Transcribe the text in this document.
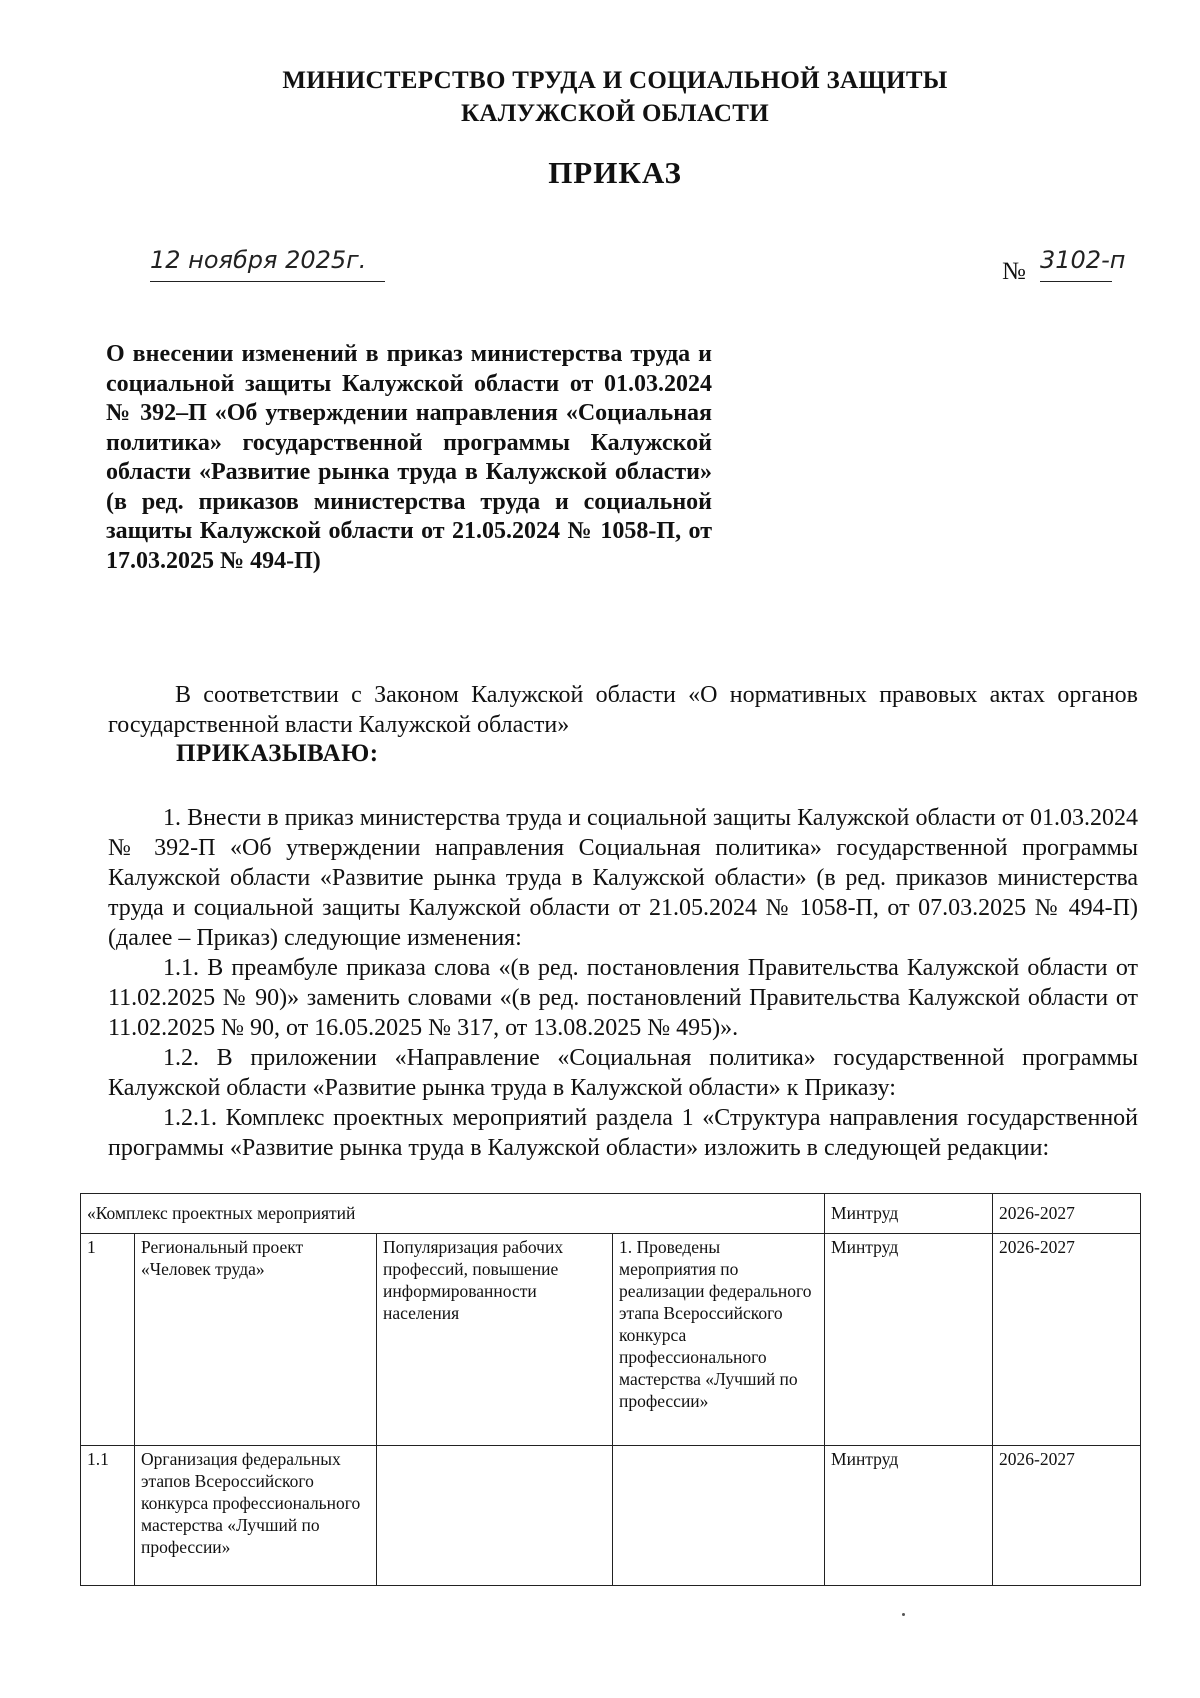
МИНИСТЕРСТВО ТРУДА И СОЦИАЛЬНОЙ ЗАЩИТЫ
КАЛУЖСКОЙ ОБЛАСТИ
ПРИКАЗ
12 ноября 2025г.	№ 3102-п
О внесении изменений в приказ министерства труда и социальной защиты Калужской области от 01.03.2024 № 392–П «Об утверждении направления «Социальная политика» государственной программы Калужской области «Развитие рынка труда в Калужской области» (в ред. приказов министерства труда и социальной защиты Калужской области от 21.05.2024 № 1058-П, от 17.03.2025 № 494-П)
В соответствии с Законом Калужской области «О нормативных правовых актах органов государственной власти Калужской области»
ПРИКАЗЫВАЮ:
1. Внести в приказ министерства труда и социальной защиты Калужской области от 01.03.2024 № 392-П «Об утверждении направления Социальная политика» государственной программы Калужской области «Развитие рынка труда в Калужской области» (в ред. приказов министерства труда и социальной защиты Калужской области от 21.05.2024 № 1058-П, от 07.03.2025 № 494-П) (далее – Приказ) следующие изменения:
1.1. В преамбуле приказа слова «(в ред. постановления Правительства Калужской области от 11.02.2025 № 90)» заменить словами «(в ред. постановлений Правительства Калужской области от 11.02.2025 № 90, от 16.05.2025 № 317, от 13.08.2025 № 495)».
1.2. В приложении «Направление «Социальная политика» государственной программы Калужской области «Развитие рынка труда в Калужской области» к Приказу:
1.2.1. Комплекс проектных мероприятий раздела 1 «Структура направления государственной программы «Развитие рынка труда в Калужской области» изложить в следующей редакции:
«Комплекс проектных мероприятий				Минтруд	2026-2027
1	Региональный проект «Человек труда»	Популяризация рабочих профессий, повышение информированности населения	1. Проведены мероприятия по реализации федерального этапа Всероссийского конкурса профессионального мастерства «Лучший по профессии»	Минтруд	2026-2027
1.1	Организация федеральных этапов Всероссийского конкурса профессионального мастерства «Лучший по профессии»			Минтруд	2026-2027
